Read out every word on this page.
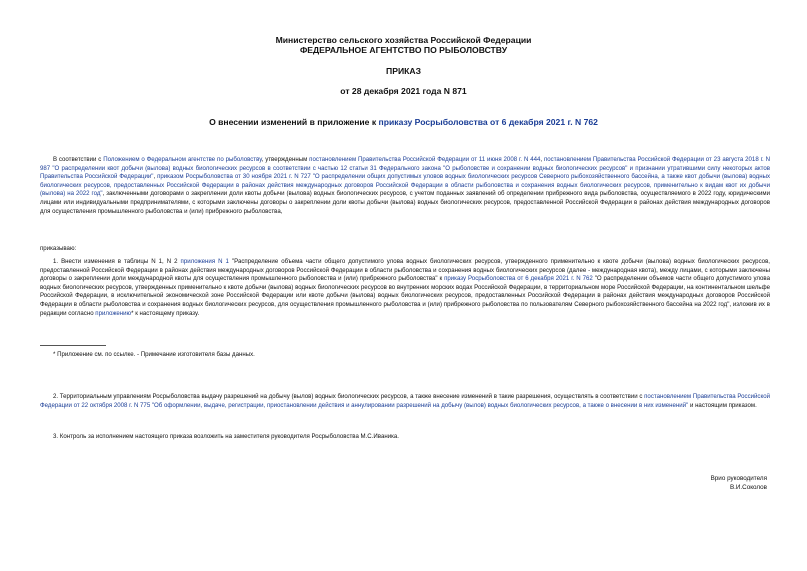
Министерство сельского хозяйства Российской Федерации
ФЕДЕРАЛЬНОЕ АГЕНТСТВО ПО РЫБОЛОВСТВУ
ПРИКАЗ
от 28 декабря 2021 года N 871
О внесении изменений в приложение к приказу Росрыболовства от 6 декабря 2021 г. N 762
В соответствии с Положением о Федеральном агентстве по рыболовству, утвержденным постановлением Правительства Российской Федерации от 11 июня 2008 г. N 444, постановлением Правительства Российской Федерации от 23 августа 2018 г. N 987 "О распределении квот добычи (вылова) водных биологических ресурсов в соответствии с частью 12 статьи 31 Федерального закона "О рыболовстве и сохранении водных биологических ресурсов" и признании утратившими силу некоторых актов Правительства Российской Федерации", приказом Росрыболовства от 30 ноября 2021 г. N 727 "О распределении общих допустимых уловов водных биологических ресурсов Северного рыбохозяйственного бассейна, а также квот добычи (вылова) водных биологических ресурсов, предоставленных Российской Федерации в районах действия международных договоров Российской Федерации в области рыболовства и сохранения водных биологических ресурсов, применительно к видам квот их добычи (вылова) на 2022 год", заключенными договорами о закреплении доли квоты добычи (вылова) водных биологических ресурсов, с учетом поданных заявлений об определении прибрежного вида рыболовства, осуществляемого в 2022 году, юридическими лицами или индивидуальными предпринимателями, с которыми заключены договоры о закреплении доли квоты добычи (вылова) водных биологических ресурсов, предоставленной Российской Федерации в районах действия международных договоров для осуществления промышленного рыболовства и (или) прибрежного рыболовства,
приказываю:
1. Внести изменения в таблицы N 1, N 2 приложения N 1 "Распределение объема части общего допустимого улова водных биологических ресурсов, утвержденного применительно к квоте добычи (вылова) водных биологических ресурсов, предоставленной Российской Федерации в районах действия международных договоров Российской Федерации в области рыболовства и сохранения водных биологических ресурсов (далее - международная квота), между лицами, с которыми заключены договоры о закреплении доли международной квоты для осуществления промышленного рыболовства и (или) прибрежного рыболовства" к приказу Росрыболовства от 6 декабря 2021 г. N 762 "О распределении объемов части общего допустимого улова водных биологических ресурсов, утвержденных применительно к квоте добычи (вылова) водных биологических ресурсов во внутренних морских водах Российской Федерации, в территориальном море Российской Федерации, на континентальном шельфе Российской Федерации, в исключительной экономической зоне Российской Федерации или квоте добычи (вылова) водных биологических ресурсов, предоставленных Российской Федерации в районах действия международных договоров Российской Федерации в области рыболовства и сохранения водных биологических ресурсов, для осуществления промышленного рыболовства и (или) прибрежного рыболовства по пользователям Северного рыбохозяйственного бассейна на 2022 год", изложив их в редакции согласно приложению* к настоящему приказу.
* Приложение см. по ссылке. - Примечание изготовителя базы данных.
2. Территориальным управлениям Росрыболовства выдачу разрешений на добычу (вылов) водных биологических ресурсов, а также внесение изменений в такие разрешения, осуществлять в соответствии с постановлением Правительства Российской Федерации от 22 октября 2008 г. N 775 "Об оформлении, выдаче, регистрации, приостановлении действия и аннулировании разрешений на добычу (вылов) водных биологических ресурсов, а также о внесении в них изменений" и настоящим приказом.
3. Контроль за исполнением настоящего приказа возложить на заместителя руководителя Росрыболовства М.С.Иваника.
Врио руководителя
В.И.Соколов
